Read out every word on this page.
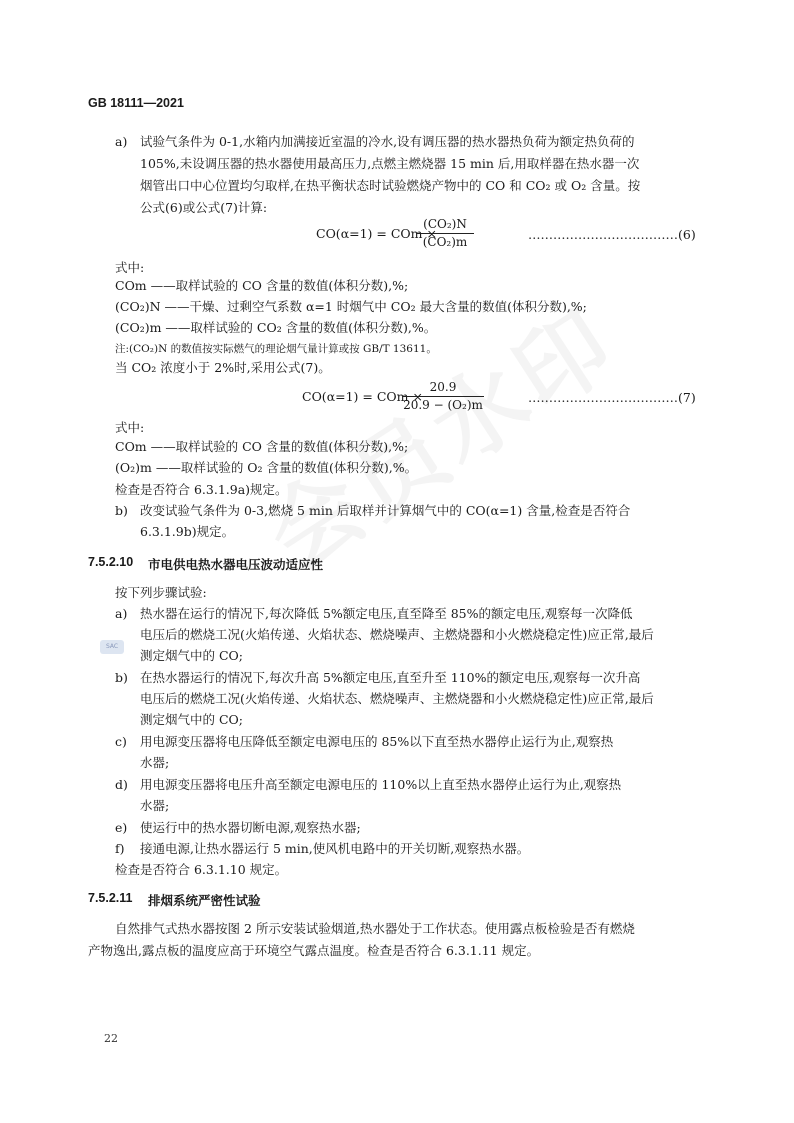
SAC
GB 18111—2021
a)	试验气条件为 0-1,水箱内加满接近室温的冷水,设有调压器的热水器热负荷为额定热负荷的
105%,未设调压器的热水器使用最高压力,点燃主燃烧器 15 min 后,用取样器在热水器一次
烟管出口中心位置均匀取样,在热平衡状态时试验燃烧产物中的 CO 和 CO₂ 或 O₂ 含量。按
公式(6)或公式(7)计算:
CO(α=1) = COm ×
$\frac{\text{(CO₂)N}}{\text{(CO₂)m}}$	………………………………(6)
式中:
COm ——取样试验的 CO 含量的数值(体积分数),%;
(CO₂)N ——干燥、过剩空气系数 α=1 时烟气中 CO₂ 最大含量的数值(体积分数),%;
(CO₂)m ——取样试验的 CO₂ 含量的数值(体积分数),%。
注:(CO₂)N 的数值按实际燃气的理论烟气量计算或按 GB/T 13611。
当 CO₂ 浓度小于 2%时,采用公式(7)。
CO(α=1) = COm ×
$\frac{20.9}{\text{20.9 − (O₂)m}}$	………………………………(7)
式中:
COm ——取样试验的 CO 含量的数值(体积分数),%;
(O₂)m ——取样试验的 O₂ 含量的数值(体积分数),%。
检查是否符合 6.3.1.9a)规定。
b) 改变试验气条件为 0-3,燃烧 5 min 后取样并计算烟气中的 CO(α=1) 含量,检查是否符合
6.3.1.9b)规定。
7.5.2.10 市电供电热水器电压波动适应性
按下列步骤试验:
a)	热水器在运行的情况下,每次降低 5%额定电压,直至降至 85%的额定电压,观察每一次降低
电压后的燃烧工况(火焰传递、火焰状态、燃烧噪声、主燃烧器和小火燃烧稳定性)应正常,最后
测定烟气中的 CO;
b) 在热水器运行的情况下,每次升高 5%额定电压,直至升至 110%的额定电压,观察每一次升高
电压后的燃烧工况(火焰传递、火焰状态、燃烧噪声、主燃烧器和小火燃烧稳定性)应正常,最后
测定烟气中的 CO;
c)	用电源变压器将电压降低至额定电源电压的 85%以下直至热水器停止运行为止,观察热
水器;
d) 用电源变压器将电压升高至额定电源电压的 110%以上直至热水器停止运行为止,观察热
水器;
e)	使运行中的热水器切断电源,观察热水器;
f)	接通电源,让热水器运行 5 min,使风机电路中的开关切断,观察热水器。
检查是否符合 6.3.1.10 规定。
7.5.2.11 排烟系统严密性试验
自然排气式热水器按图 2 所示安装试验烟道,热水器处于工作状态。使用露点板检验是否有燃烧
产物逸出,露点板的温度应高于环境空气露点温度。检查是否符合 6.3.1.11 规定。
22
